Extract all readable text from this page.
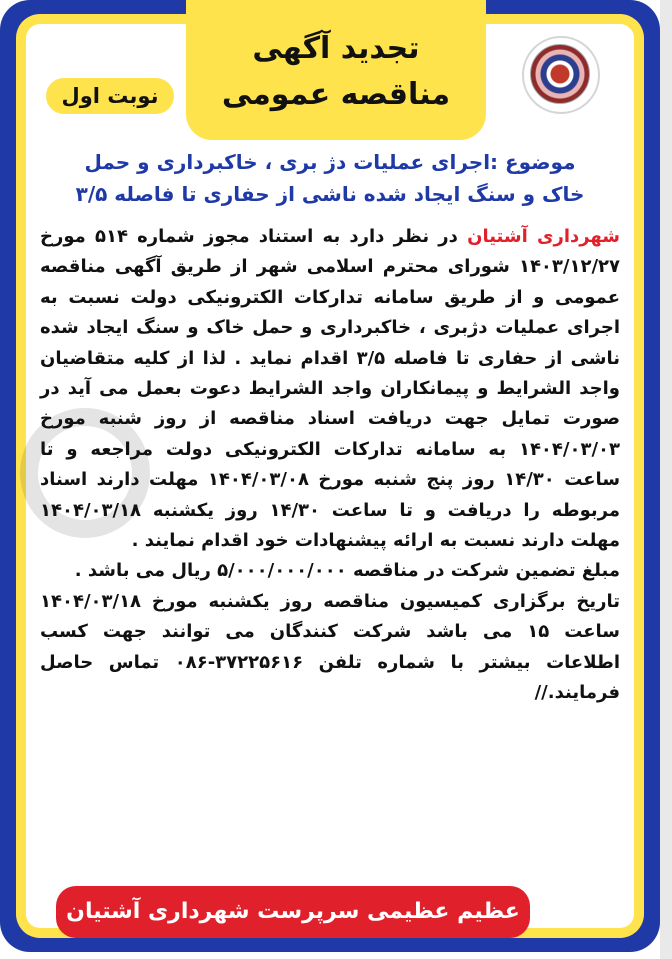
تجدید آگهی
مناقصه عمومی
نوبت اول
موضوع :اجرای عملیات دژ بری ، خاکبرداری و حمل خاک و سنگ ایجاد شده ناشی از حفاری تا فاصله ۳/۵
شهرداری آشتیان در نظر دارد به استناد مجوز شماره ۵۱۴ مورخ ۱۴۰۳/۱۲/۲۷ شورای محترم اسلامی شهر از طریق آگهی مناقصه عمومی و از طریق سامانه تدارکات الکترونیکی دولت نسبت به اجرای عملیات دژبری ، خاکبرداری و حمل خاک و سنگ ایجاد شده ناشی از حفاری تا فاصله ۳/۵ اقدام نماید . لذا از کلیه متقاضیان واجد الشرایط و پیمانکاران واجد الشرایط دعوت بعمل می آید در صورت تمایل جهت دریافت اسناد مناقصه از روز شنبه مورخ ۱۴۰۴/۰۳/۰۳ به سامانه تدارکات الکترونیکی دولت مراجعه و تا ساعت ۱۴/۳۰ روز پنج شنبه مورخ ۱۴۰۴/۰۳/۰۸ مهلت دارند اسناد مربوطه را دریافت و تا ساعت ۱۴/۳۰ روز یکشنبه ۱۴۰۴/۰۳/۱۸ مهلت دارند نسبت به ارائه پیشنهادات خود اقدام نمایند .
مبلغ تضمین شرکت در مناقصه ۵/۰۰۰/۰۰۰/۰۰۰ ریال می باشد .
تاریخ برگزاری کمیسیون مناقصه روز یکشنبه مورخ ۱۴۰۴/۰۳/۱۸ ساعت ۱۵ می باشد شرکت کنندگان می توانند جهت کسب اطلاعات بیشتر با شماره تلفن ۳۷۲۲۵۶۱۶-۰۸۶ تماس حاصل فرمایند.//
عظیم عظیمی سرپرست شهرداری آشتیان
